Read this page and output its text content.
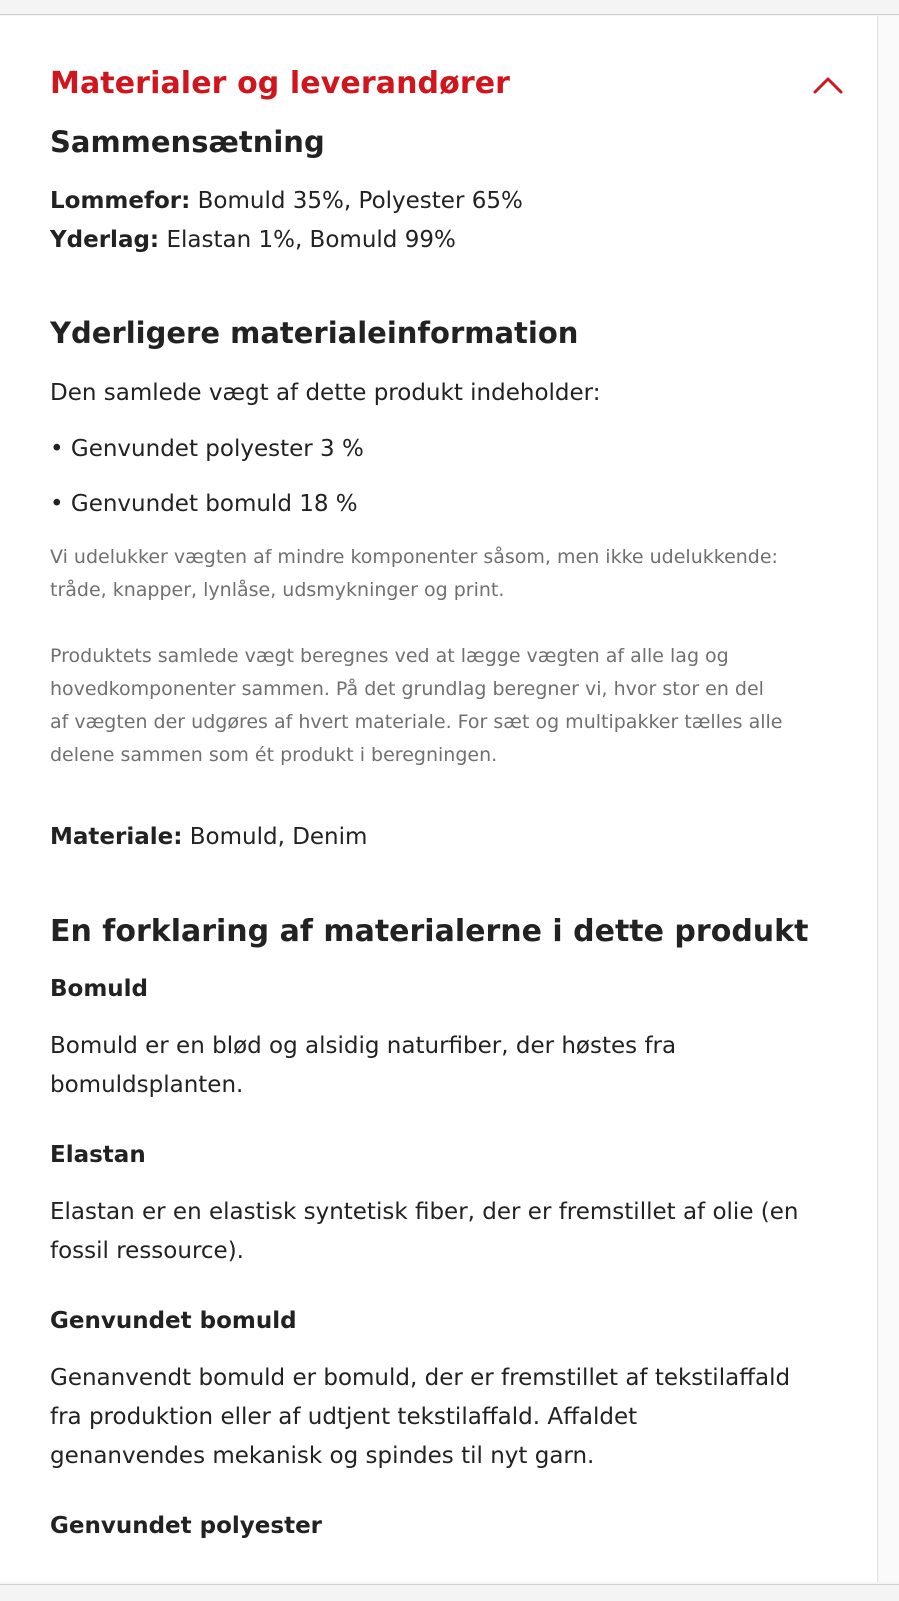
Materialer og leverandører
Sammensætning

Lommefor: Bomuld 35%, Polyester 65%

Yderlag: Elastan 1%, Bomuld 99%

Yderligere materialeinformation

Den samlede vægt af dette produkt indeholder:

• Genvundet polyester 3 %

• Genvundet bomuld 18 %

Vi udelukker vægten af mindre komponenter såsom, men ikke udelukkende:

tråde, knapper, lynlåse, udsmykninger og print.

Produktets samlede vægt beregnes ved at lægge vægten af alle lag og

hovedkomponenter sammen. På det grundlag beregner vi, hvor stor en del

af vægten der udgøres af hvert materiale. For sæt og multipakker tælles alle

delene sammen som ét produkt i beregningen.

Materiale: Bomuld, Denim

En forklaring af materialerne i dette produkt
Bomuld

Bomuld er en blød og alsidig naturfiber, der høstes fra

bomuldsplanten.

Elastan

Elastan er en elastisk syntetisk fiber, der er fremstillet af olie (en

fossil ressource).

Genvundet bomuld

Genanvendt bomuld er bomuld, der er fremstillet af tekstilaffald

fra produktion eller af udtjent tekstilaffald. Affaldet

genanvendes mekanisk og spindes til nyt garn.

Genvundet polyester
